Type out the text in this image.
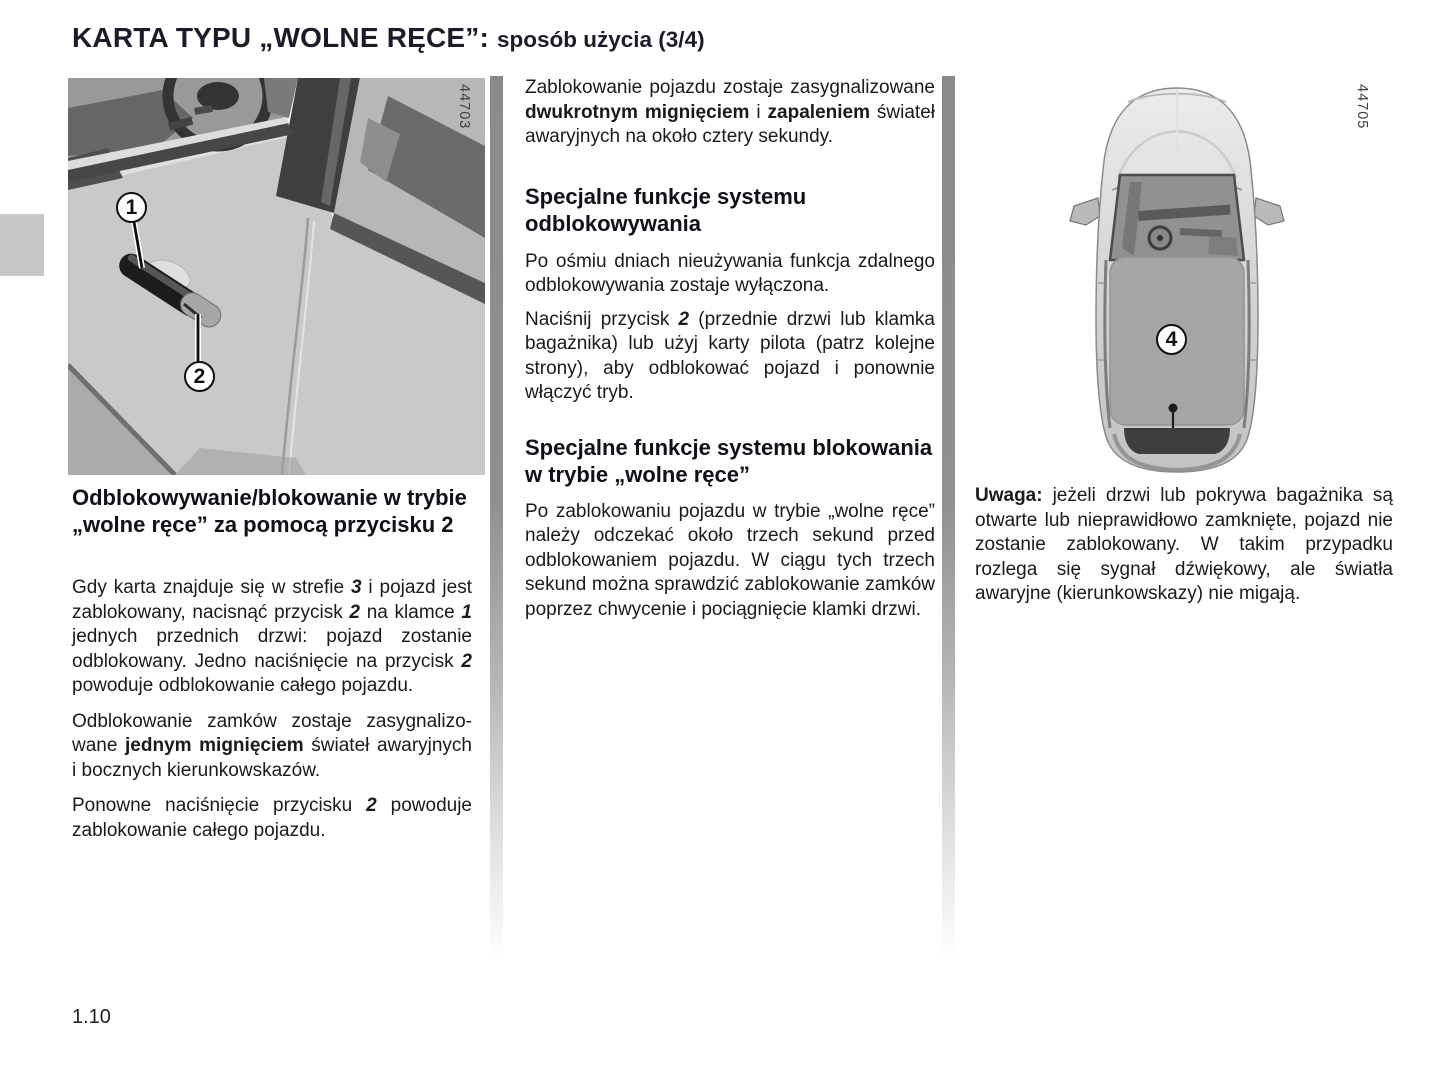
KARTA TYPU „WOLNE RĘCE”: sposób użycia (3/4)
1
2
44703
Odblokowywanie/blokowanie w trybie „wolne ręce” za pomocą przycisku 2

Gdy karta znajduje się w strefie 3 i pojazd jest zablokowany, nacisnąć przycisk 2 na klamce 1 jednych przednich drzwi: pojazd zostanie odblokowany. Jedno naciśnięcie na przycisk 2 powoduje odblokowanie całego pojazdu.

Odblokowanie zamków zostaje zasygnalizowane jednym mignięciem świateł awaryjnych i bocznych kierunkowskazów.

Ponowne naciśnięcie przycisku 2 powoduje zablokowanie całego pojazdu.

Zablokowanie pojazdu zostaje zasygnalizowane dwukrotnym mignięciem i zapaleniem świateł awaryjnych na około cztery sekundy.

Specjalne funkcje systemu odblokowywania

Po ośmiu dniach nieużywania funkcja zdalnego odblokowywania zostaje wyłączona.

Naciśnij przycisk 2 (przednie drzwi lub klamka bagażnika) lub użyj karty pilota (patrz kolejne strony), aby odblokować pojazd i ponownie włączyć tryb.

Specjalne funkcje systemu blokowania w trybie „wolne ręce”

Po zablokowaniu pojazdu w trybie „wolne ręce” należy odczekać około trzech sekund przed odblokowaniem pojazdu. W ciągu tych trzech sekund można sprawdzić zablokowanie zamków poprzez chwycenie i pociągnięcie klamki drzwi.

4
44705

Uwaga: jeżeli drzwi lub pokrywa bagażnika są otwarte lub nieprawidłowo zamknięte, pojazd nie zostanie zablokowany. W takim przypadku rozlega się sygnał dźwiękowy, ale światła awaryjne (kierunkowskazy) nie migają.

1.10
